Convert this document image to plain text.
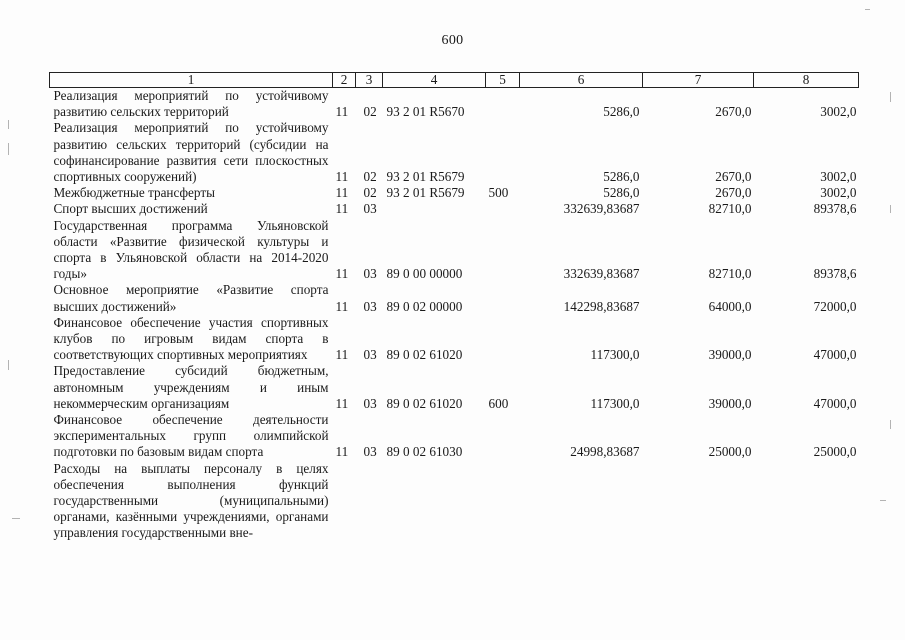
600
1	2	3	4	5	6	7	8
Реализация мероприятий по устойчивому развитию сельских территорий	11	02	93 2 01 R5670		5286,0	2670,0	3002,0
Реализация мероприятий по устойчивому развитию сельских территорий (субсидии на софинансирование развития сети плоскостных спортивных сооружений)	11	02	93 2 01 R5679		5286,0	2670,0	3002,0
Межбюджетные трансферты	11	02	93 2 01 R5679	500	5286,0	2670,0	3002,0
Спорт высших достижений	11	03			332639,83687	82710,0	89378,6
Государственная программа Ульяновской области «Развитие физической культуры и спорта в Ульяновской области на 2014-2020 годы»	11	03	89 0 00 00000		332639,83687	82710,0	89378,6
Основное мероприятие «Развитие спорта высших достижений»	11	03	89 0 02 00000		142298,83687	64000,0	72000,0
Финансовое обеспечение участия спортивных клубов по игровым видам спорта в соответствующих спортивных мероприятиях	11	03	89 0 02 61020		117300,0	39000,0	47000,0
Предоставление субсидий бюджетным, автономным учреждениям и иным некоммерческим организациям	11	03	89 0 02 61020	600	117300,0	39000,0	47000,0
Финансовое обеспечение деятельности экспериментальных групп олимпийской подготовки по базовым видам спорта	11	03	89 0 02 61030		24998,83687	25000,0	25000,0
Расходы на выплаты персоналу в целях обеспечения выполнения функций государственными (муниципальными) органами, казёнными учреждениями, органами управления государственными вне-							
